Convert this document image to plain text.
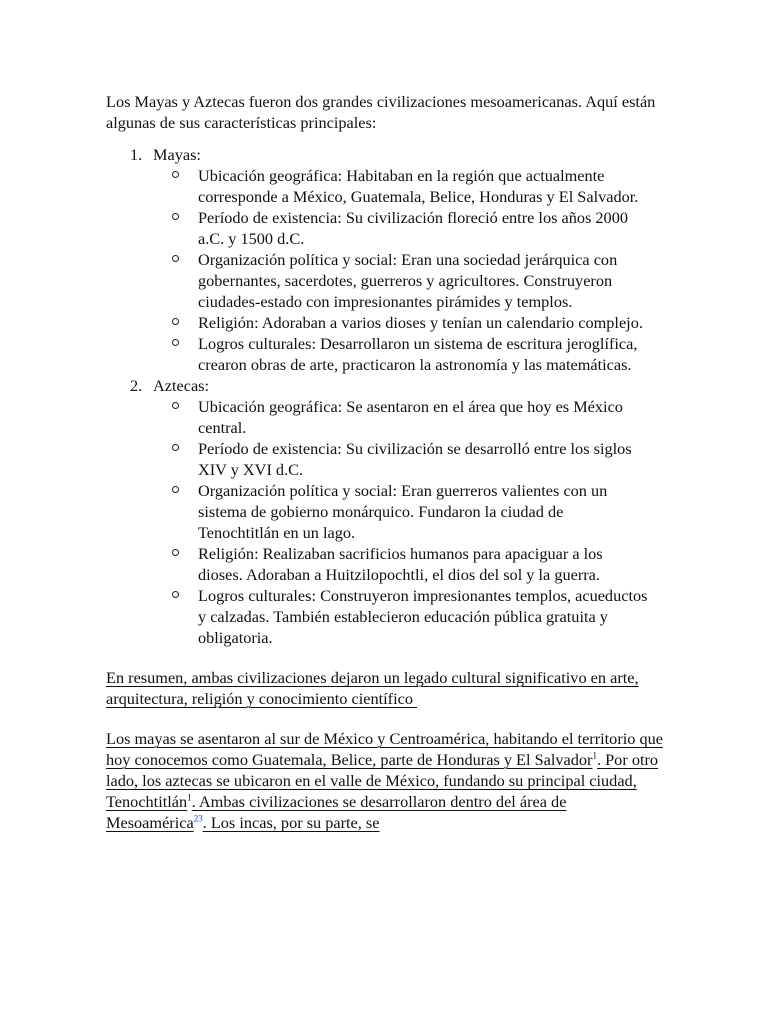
Los Mayas y Aztecas fueron dos grandes civilizaciones mesoamericanas. Aquí están algunas de sus características principales:

1. Mayas:
Ubicación geográfica: Habitaban en la región que actualmente corresponde a México, Guatemala, Belice, Honduras y El Salvador.
Período de existencia: Su civilización floreció entre los años 2000 a.C. y 1500 d.C.
Organización política y social: Eran una sociedad jerárquica con gobernantes, sacerdotes, guerreros y agricultores. Construyeron ciudades-estado con impresionantes pirámides y templos.
Religión: Adoraban a varios dioses y tenían un calendario complejo.
Logros culturales: Desarrollaron un sistema de escritura jeroglífica, crearon obras de arte, practicaron la astronomía y las matemáticas.
2. Aztecas:
Ubicación geográfica: Se asentaron en el área que hoy es México central.
Período de existencia: Su civilización se desarrolló entre los siglos XIV y XVI d.C.
Organización política y social: Eran guerreros valientes con un sistema de gobierno monárquico. Fundaron la ciudad de Tenochtitlán en un lago.
Religión: Realizaban sacrificios humanos para apaciguar a los dioses. Adoraban a Huitzilopochtli, el dios del sol y la guerra.
Logros culturales: Construyeron impresionantes templos, acueductos y calzadas. También establecieron educación pública gratuita y obligatoria.

En resumen, ambas civilizaciones dejaron un legado cultural significativo en arte, arquitectura, religión y conocimiento científico

Los mayas se asentaron al sur de México y Centroamérica, habitando el territorio que hoy conocemos como Guatemala, Belice, parte de Honduras y El Salvador$^1$. Por otro lado, los aztecas se ubicaron en el valle de México, fundando su principal ciudad, Tenochtitlán$^1$. Ambas civilizaciones se desarrollaron dentro del área de Mesoamérica$^{23}$. Los incas, por su parte, se
